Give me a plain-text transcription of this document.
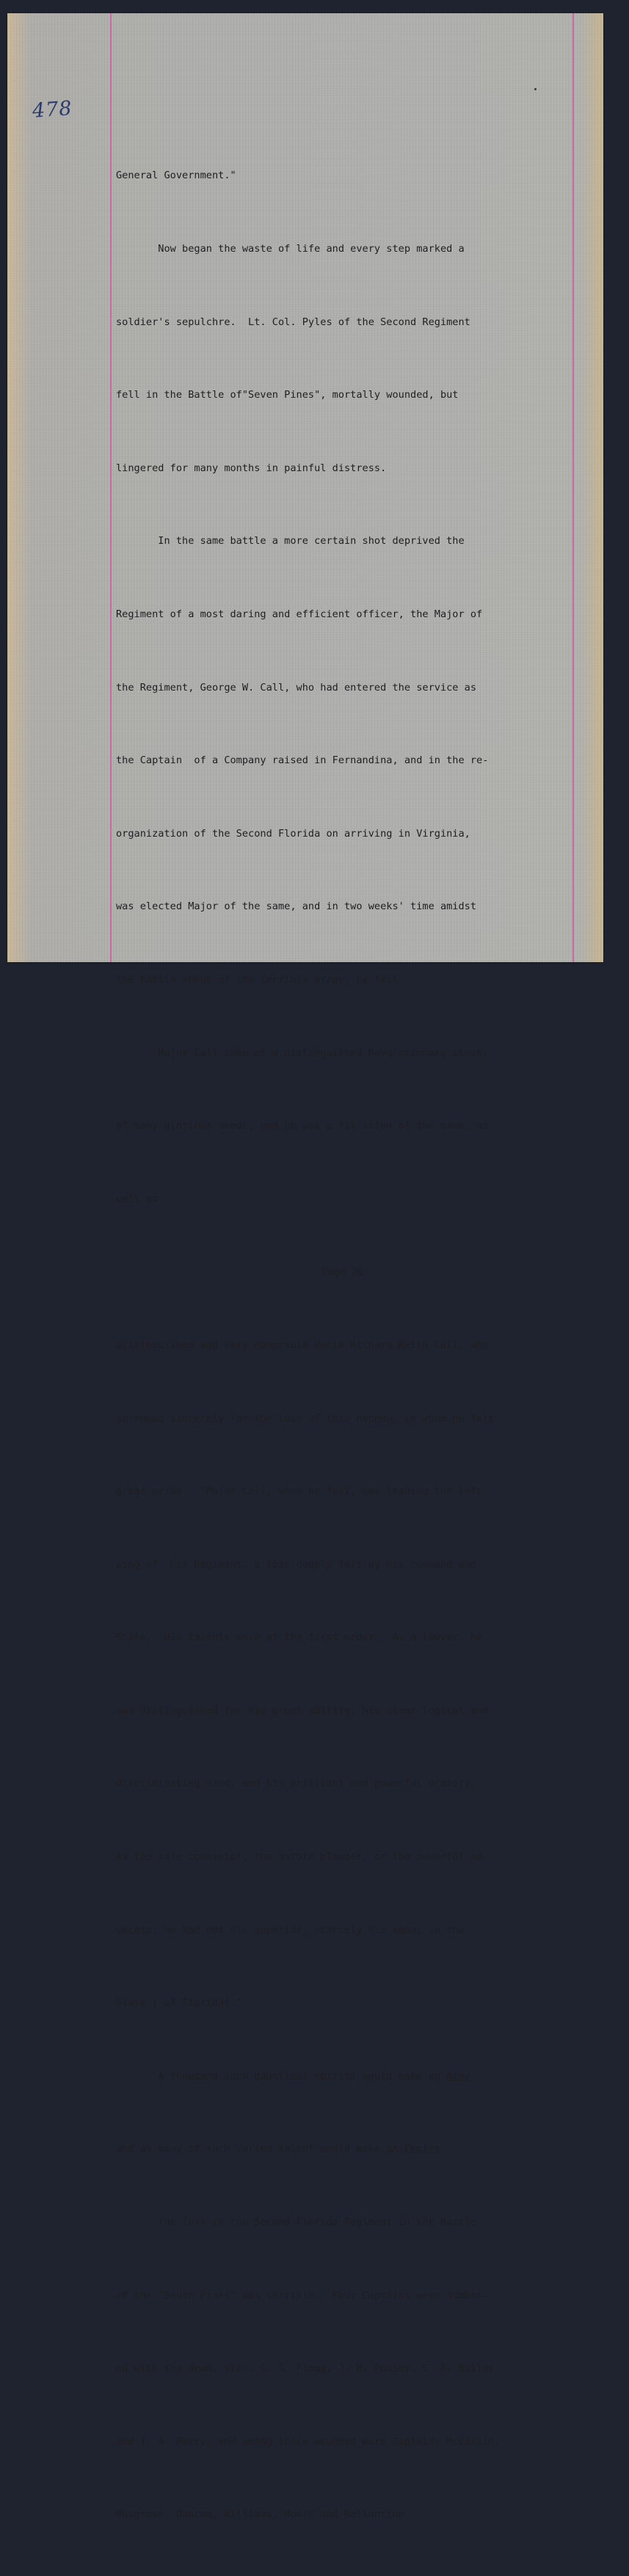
478

General Government."

Now began the waste of life and every step marked a

soldier's sepulchre.  Lt. Col. Pyles of the Second Regiment

fell in the Battle of"Seven Pines", mortally wounded, but

lingered for many months in painful distress.

In the same battle a more certain shot deprived the

Regiment of a most daring and efficient officer, the Major of

the Regiment, George W. Call, who had entered the service as

the Captain  of a Company raised in Fernandina, and in the re-

organization of the Second Florida on arriving in Virginia,

was elected Major of the same, and in two weeks' time amidst

the battle shout of the terrible array, he fell.

Major Call came of a distinguished Revolutionary stock,

of many glorious deeds, and he was a fit scion of the same, as

well as

-Page 20-

distinguished and very honorable Uncle Richard Keith Call, who

sorrowed sincerely for the loss of this nephew, in whom he felt

great pride.  "Major Call, when he fell, was leading the left

wing of  his Regiment, a loss deeply felt by his command and

State.  His talents were of the first order.  As a lawyer  he

was distinguished for his great ability, his clear logical and

discriminating mind, and his brilliant and powerful oratory.

As the safe counselor, the astute pleader, or the powerful ad-

vocate, he had not his superior, scarcely his equal in thw

State ( of Florida)."

A thousand such dauntless spirits would make an Army

and as many of such varied talent would make an Empire.

The loss to the Second Florida Regiment in the Battle

of the "Seven Pines" was terrible.  Four Captains were number-

ed with the dead, viz., C. S. Flagg, J. H. Pooser, C. A. Butler

and T. A. Perry, and among those wounded were Captains McCaslin,

Musgrove, Duncan, Williams, Moore and Ballantine.
